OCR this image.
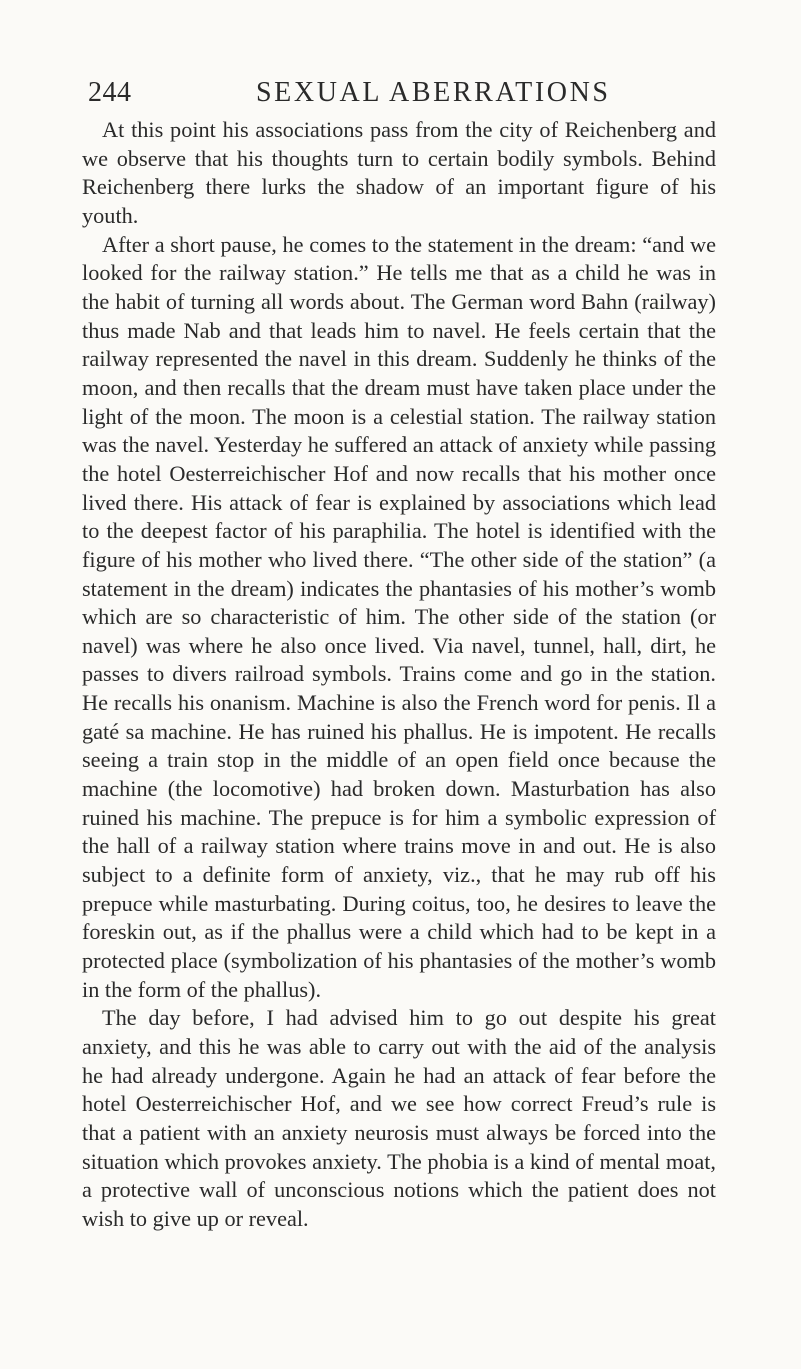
244	SEXUAL ABERRATIONS

At this point his associations pass from the city of Reichenberg and we observe that his thoughts turn to certain bodily symbols. Behind Reichenberg there lurks the shadow of an important figure of his youth.

After a short pause, he comes to the statement in the dream: “and we looked for the railway station.” He tells me that as a child he was in the habit of turning all words about. The German word Bahn (railway) thus made Nab and that leads him to navel. He feels certain that the railway represented the navel in this dream. Suddenly he thinks of the moon, and then recalls that the dream must have taken place under the light of the moon. The moon is a celestial station. The railway station was the navel. Yesterday he suffered an attack of anxiety while passing the hotel Oesterreichischer Hof and now recalls that his mother once lived there. His attack of fear is explained by associations which lead to the deepest factor of his paraphilia. The hotel is identified with the figure of his mother who lived there. “The other side of the station” (a statement in the dream) indicates the phantasies of his mother’s womb which are so characteristic of him. The other side of the station (or navel) was where he also once lived. Via navel, tunnel, hall, dirt, he passes to divers railroad symbols. Trains come and go in the station. He recalls his onanism. Machine is also the French word for penis. Il a gaté sa machine. He has ruined his phallus. He is impotent. He recalls seeing a train stop in the middle of an open field once because the machine (the locomotive) had broken down. Masturbation has also ruined his machine. The prepuce is for him a symbolic expression of the hall of a railway station where trains move in and out. He is also subject to a definite form of anxiety, viz., that he may rub off his prepuce while masturbating. During coitus, too, he desires to leave the foreskin out, as if the phallus were a child which had to be kept in a protected place (symbolization of his phantasies of the mother’s womb in the form of the phallus).

The day before, I had advised him to go out despite his great anxiety, and this he was able to carry out with the aid of the analysis he had already undergone. Again he had an attack of fear before the hotel Oesterreichischer Hof, and we see how correct Freud’s rule is that a patient with an anxiety neurosis must always be forced into the situation which provokes anxiety. The phobia is a kind of mental moat, a protective wall of unconscious notions which the patient does not wish to give up or reveal.
